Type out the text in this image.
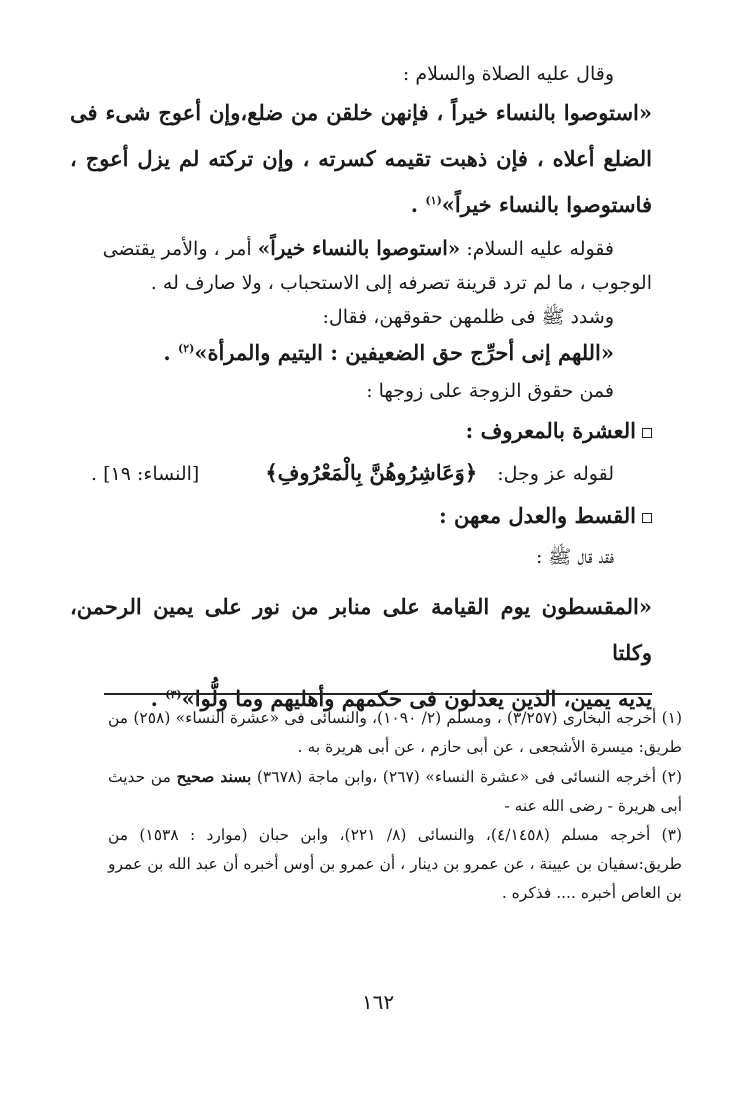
وقال عليه الصلاة والسلام :

«استوصوا بالنساء خيراً ، فإنهن خلقن من ضلع،وإن أعوج شىء فى

الضلع أعلاه ، فإن ذهبت تقيمه كسرته ، وإن تركته لم يزل أعوج ،

فاستوصوا بالنساء خيراً»$^{(١)}$ .

فقوله عليه السلام: «استوصوا بالنساء خيراً» أمر ، والأمر يقتضى

الوجوب ، ما لم ترد قرينة تصرفه إلى الاستحباب ، ولا صارف له .

وشدد ﷺ فى ظلمهن حقوقهن، فقال:

«اللهم إنى أحرِّج حق الضعيفين : اليتيم والمرأة»$^{(٢)}$ .

فمن حقوق الزوجة على زوجها :

العشرة بالمعروف :

لقوله عز وجل: ﴿وَعَاشِرُوهُنَّ بِالْمَعْرُوفِ﴾ [النساء: ١٩] .

القسط والعدل معهن :

فقد قال ﷺ :

«المقسطون يوم القيامة على منابر من نور على يمين الرحمن، وكلتا

يديه يمين، الذين يعدلون فى حكمهم وأهليهم وما ولُّوا»$^{(٣)}$ .

(١) أخرجه البخارى (٣/٢٥٧) ، ومسلم (٢/ ١٠٩٠)، والنسائى فى «عشرة النساء» (٢٥٨) من طريق: ميسرة الأشجعى ، عن أبى حازم ، عن أبى هريرة به .

(٢) أخرجه النسائى فى «عشرة النساء» (٢٦٧) ،وابن ماجة (٣٦٧٨) بسند صحيح من حديث أبى هريرة - رضى الله عنه -

(٣) أخرجه مسلم (٤/١٤٥٨)، والنسائى (٨/ ٢٢١)، وابن حبان (موارد : ١٥٣٨) من طريق:سفيان بن عيينة ، عن عمرو بن دينار ، أن عمرو بن أوس أخبره أن عبد الله بن عمرو بن العاص أخبره .... فذكره .

١٦٢
